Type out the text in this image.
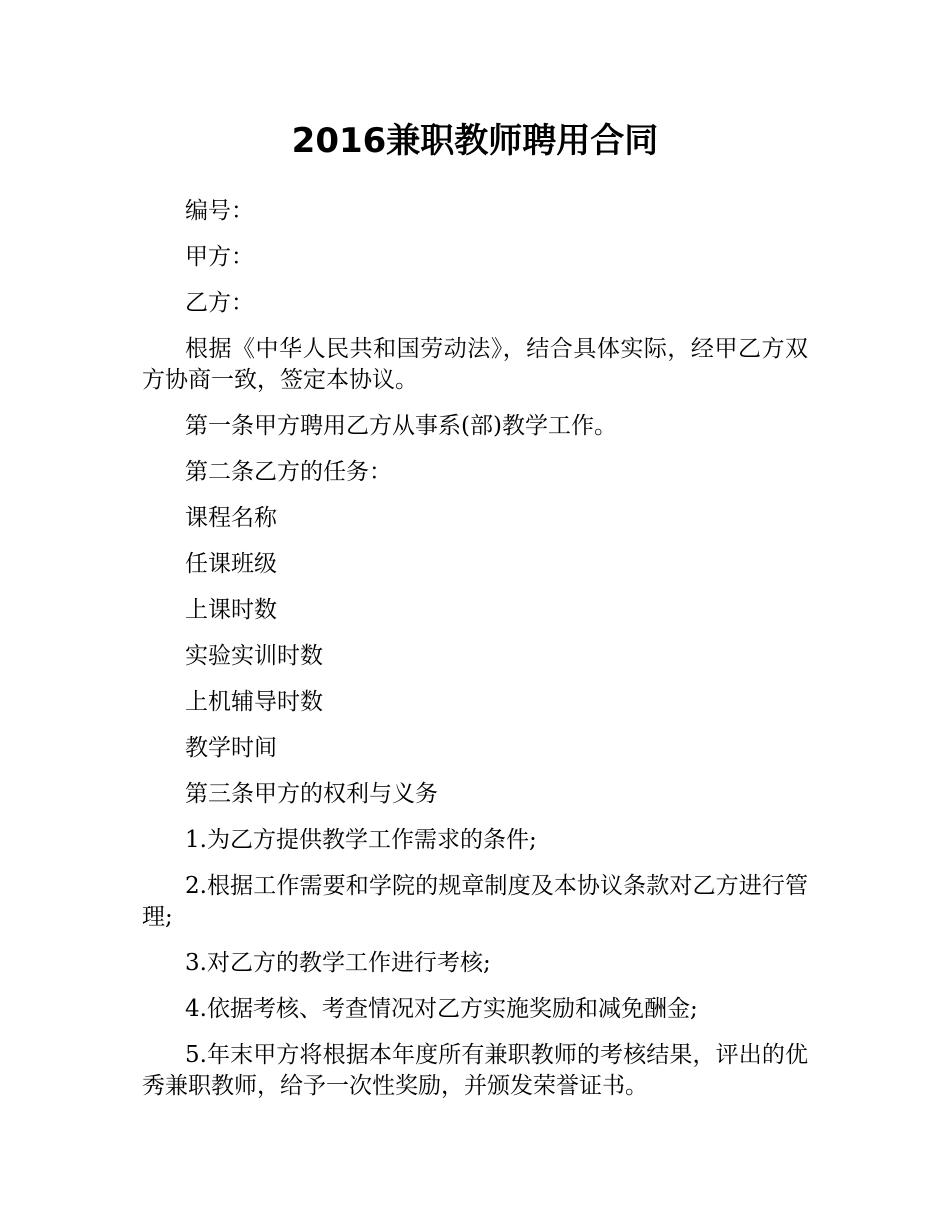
2016兼职教师聘用合同

编号：

甲方：

乙方：

根据《中华人民共和国劳动法》，结合具体实际，经甲乙方双方协商一致，签定本协议。

第一条甲方聘用乙方从事系(部)教学工作。

第二条乙方的任务：

课程名称

任课班级

上课时数

实验实训时数

上机辅导时数

教学时间

第三条甲方的权利与义务

1.为乙方提供教学工作需求的条件;

2.根据工作需要和学院的规章制度及本协议条款对乙方进行管理;

3.对乙方的教学工作进行考核;

4.依据考核、考查情况对乙方实施奖励和减免酬金;

5.年末甲方将根据本年度所有兼职教师的考核结果，评出的优秀兼职教师，给予一次性奖励，并颁发荣誉证书。
